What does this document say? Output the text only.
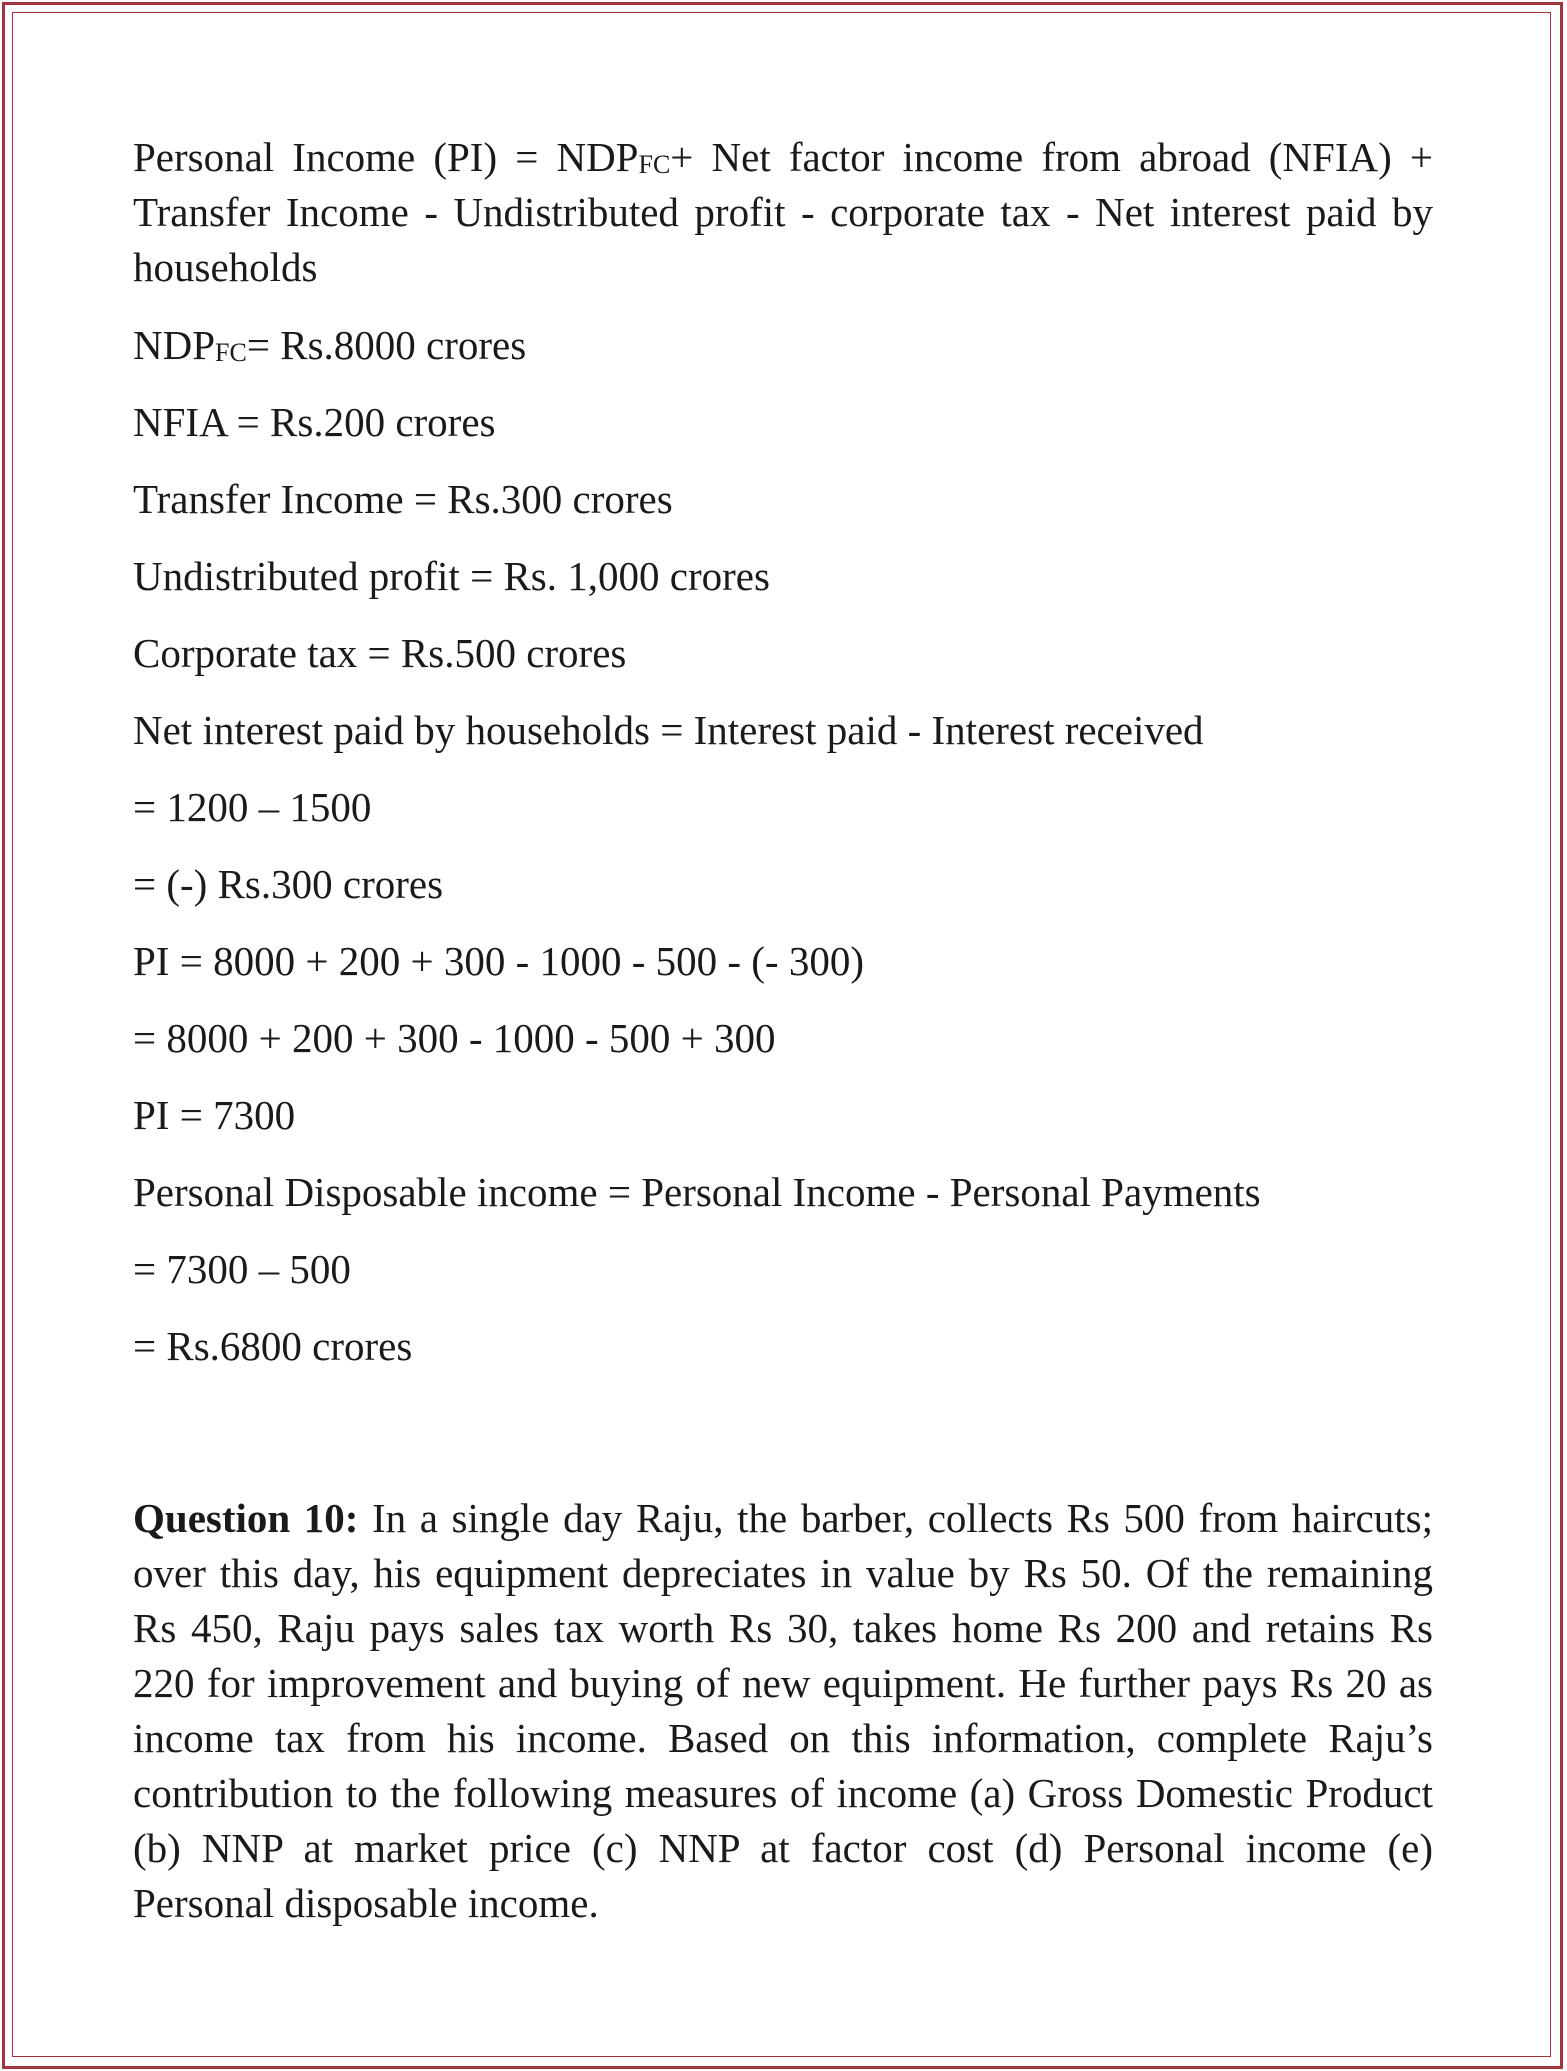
Personal Income $(PI) = NDP_{FC}+$ Net factor income from abroad (NFIA) + Transfer Income - Undistributed profit - corporate tax - Net interest paid by households

$NDP_{FC}= Rs.8000$ crores

NFIA = Rs.200 crores

Transfer Income = Rs.300 crores

Undistributed profit = Rs. 1,000 crores

Corporate tax = Rs.500 crores

Net interest paid by households = Interest paid - Interest received

= 1200 – 1500

= (-) Rs.300 crores

PI = 8000 + 200 + 300 - 1000 - 500 - (- 300)

= 8000 + 200 + 300 - 1000 - 500 + 300

PI = 7300

Personal Disposable income = Personal Income - Personal Payments

= 7300 – 500

= Rs.6800 crores

Question 10: In a single day Raju, the barber, collects Rs 500 from haircuts; over this day, his equipment depreciates in value by Rs 50. Of the remaining Rs 450, Raju pays sales tax worth Rs 30, takes home Rs 200 and retains Rs 220 for improvement and buying of new equipment. He further pays Rs 20 as income tax from his income. Based on this information, complete Raju’s contribution to the following measures of income (a) Gross Domestic Product (b) NNP at market price (c) NNP at factor cost (d) Personal income (e) Personal disposable income.
